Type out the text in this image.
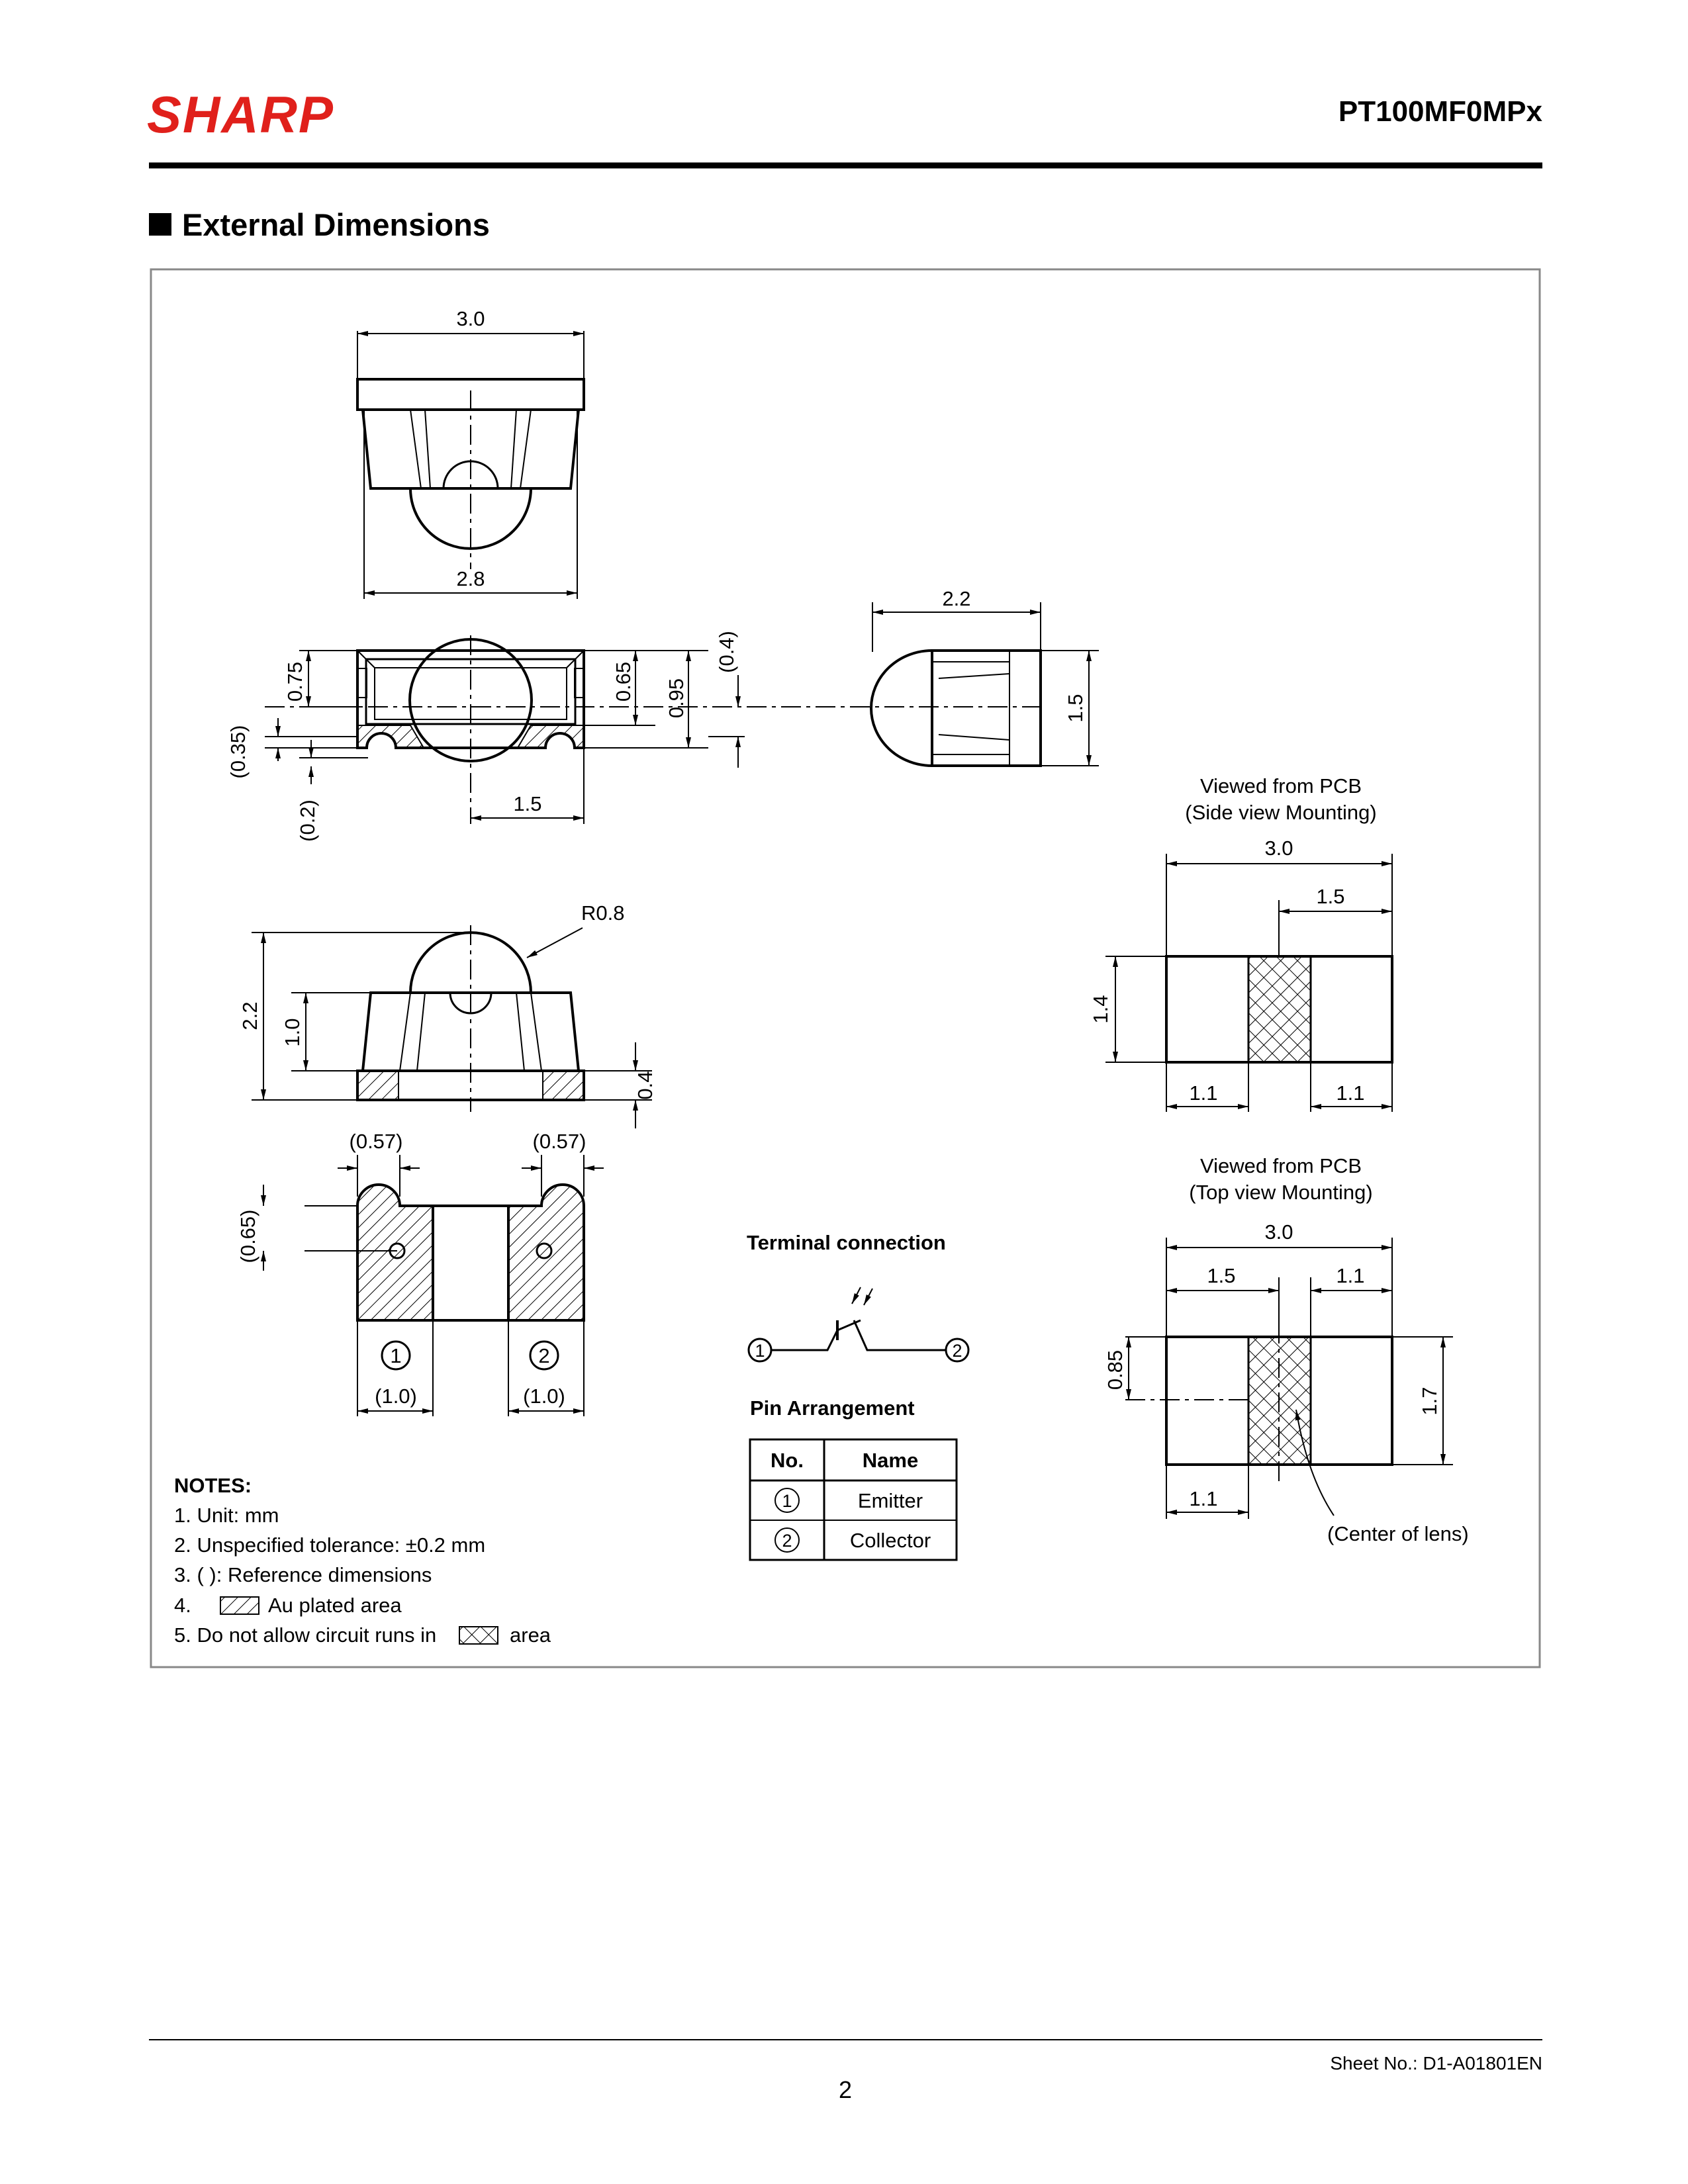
SHARP	PT100MF0MPx
External Dimensions
3.0
2.8
0.75
(0.35)
(0.2)
0.65 0.95
(0.4)
1.5
2.2
1.5
R0.8
2.2
1.0
0.4
(0.57)	(0.57)
(0.65)
1	2
(1.0)	(1.0)
NOTES:
1. Unit: mm
2. Unspecified tolerance: ±0.2 mm
3. ( ): Reference dimensions
4.	Au plated area
5. Do not allow circuit runs in	area
Terminal connection
1	2
Pin Arrangement
No.	Name
1	Emitter
2	Collector
Viewed from PCB
(Side view Mounting)
3.0
1.5
1.4
1.1	1.1
Viewed from PCB
(Top view Mounting)
3.0
1.5	1.1
0.85
1.7
1.1
(Center of lens)
Sheet No.: D1-A01801EN
2
